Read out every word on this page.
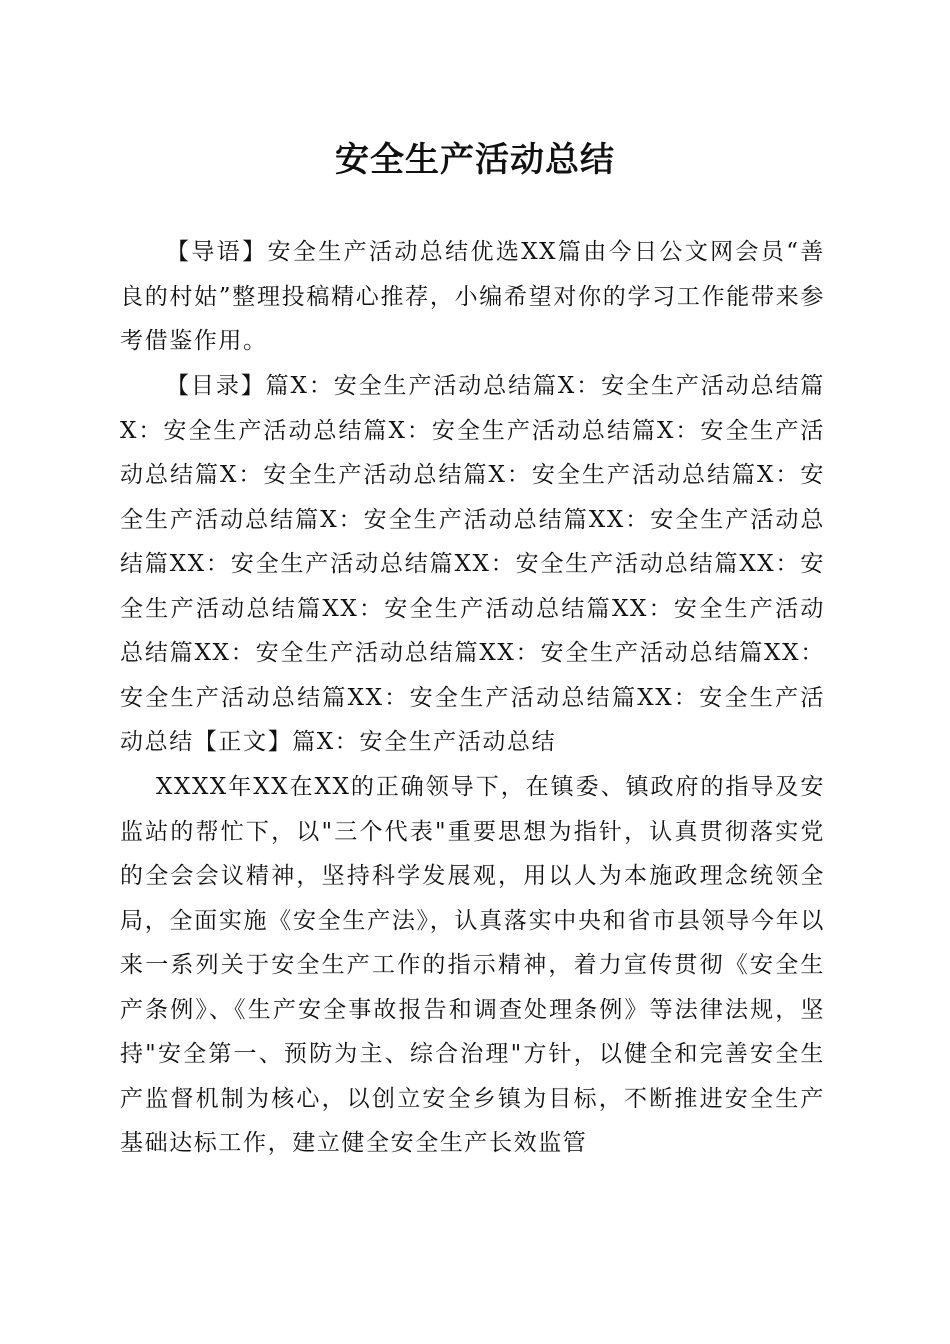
安全生产活动总结

【导语】安全生产活动总结优选XX篇由今日公文网会员“善良的村姑”整理投稿精心推荐，小编希望对你的学习工作能带来参考借鉴作用。

【目录】篇X：安全生产活动总结篇X：安全生产活动总结篇X：安全生产活动总结篇X：安全生产活动总结篇X：安全生产活动总结篇X：安全生产活动总结篇X：安全生产活动总结篇X：安全生产活动总结篇X：安全生产活动总结篇XX：安全生产活动总结篇XX：安全生产活动总结篇XX：安全生产活动总结篇XX：安全生产活动总结篇XX：安全生产活动总结篇XX：安全生产活动总结篇XX：安全生产活动总结篇XX：安全生产活动总结篇XX：安全生产活动总结篇XX：安全生产活动总结篇XX：安全生产活动总结【正文】篇X：安全生产活动总结

XXXX年XX在XX的正确领导下，在镇委、镇政府的指导及安监站的帮忙下，以"三个代表"重要思想为指针，认真贯彻落实党的全会会议精神，坚持科学发展观，用以人为本施政理念统领全局，全面实施《安全生产法》，认真落实中央和省市县领导今年以来一系列关于安全生产工作的指示精神，着力宣传贯彻《安全生产条例》、《生产安全事故报告和调查处理条例》等法律法规，坚持"安全第一、预防为主、综合治理"方针，以健全和完善安全生产监督机制为核心，以创立安全乡镇为目标，不断推进安全生产基础达标工作，建立健全安全生产长效监管
